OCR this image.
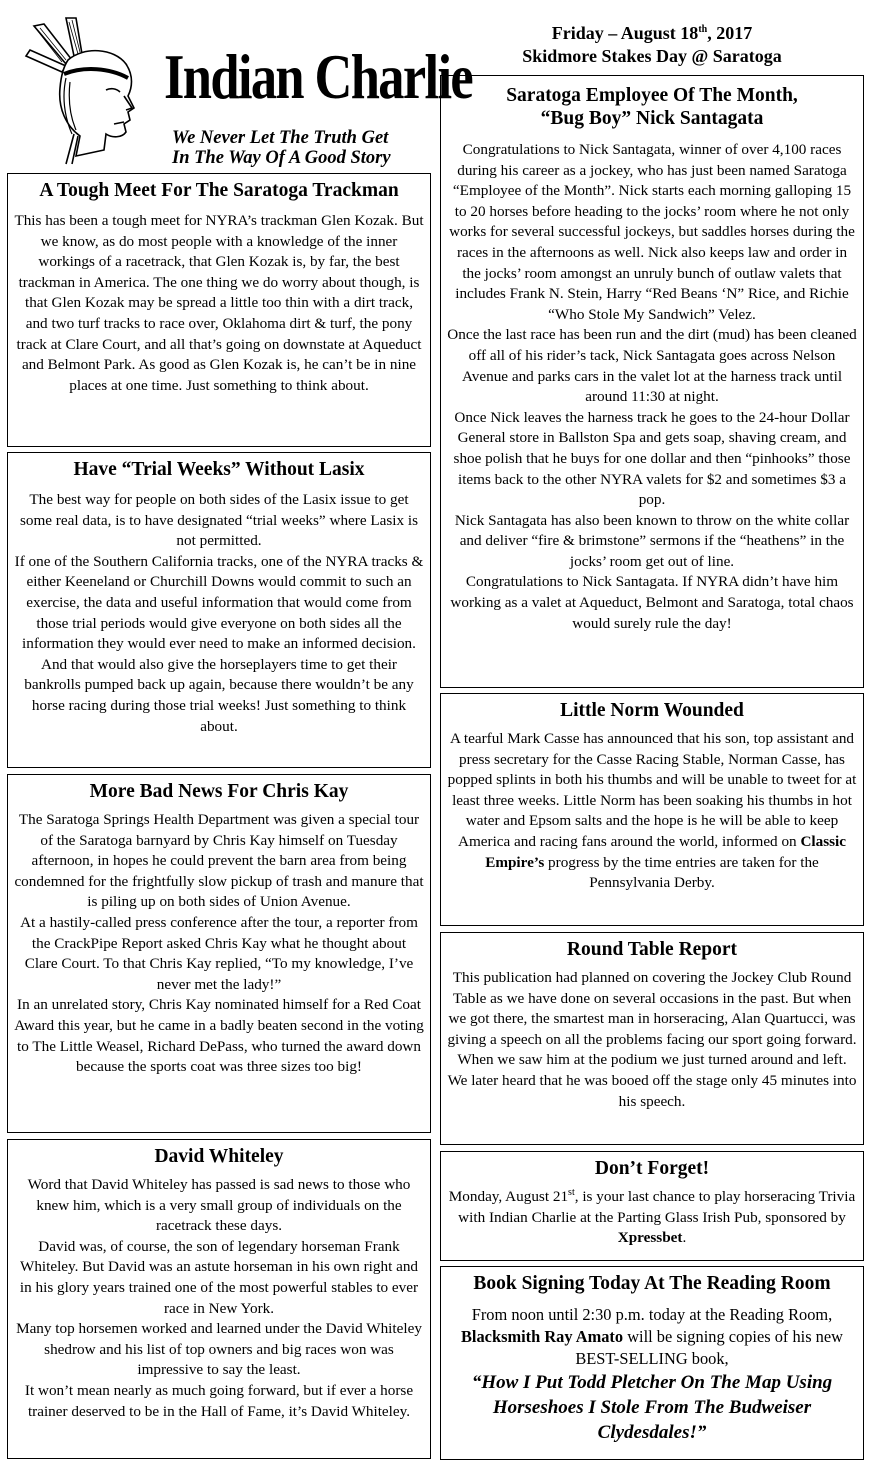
Indian Charlie
We Never Let The Truth Get
In The Way Of A Good Story
Friday – August 18th, 2017
Skidmore Stakes Day @ Saratoga
A Tough Meet For The Saratoga Trackman

This has been a tough meet for NYRA’s trackman Glen Kozak. But we know, as do most people with a knowledge of the inner workings of a racetrack, that Glen Kozak is, by far, the best trackman in America. The one thing we do worry about though, is that Glen Kozak may be spread a little too thin with a dirt track, and two turf tracks to race over, Oklahoma dirt & turf, the pony track at Clare Court, and all that’s going on downstate at Aqueduct and Belmont Park. As good as Glen Kozak is, he can’t be in nine places at one time. Just something to think about.

Have “Trial Weeks” Without Lasix

The best way for people on both sides of the Lasix issue to get some real data, is to have designated “trial weeks” where Lasix is not permitted.

If one of the Southern California tracks, one of the NYRA tracks & either Keeneland or Churchill Downs would commit to such an exercise, the data and useful information that would come from those trial periods would give everyone on both sides all the information they would ever need to make an informed decision. And that would also give the horseplayers time to get their bankrolls pumped back up again, because there wouldn’t be any horse racing during those trial weeks! Just something to think about.

More Bad News For Chris Kay

The Saratoga Springs Health Department was given a special tour of the Saratoga barnyard by Chris Kay himself on Tuesday afternoon, in hopes he could prevent the barn area from being condemned for the frightfully slow pickup of trash and manure that is piling up on both sides of Union Avenue.

At a hastily-called press conference after the tour, a reporter from the CrackPipe Report asked Chris Kay what he thought about Clare Court. To that Chris Kay replied, “To my knowledge, I’ve never met the lady!”

In an unrelated story, Chris Kay nominated himself for a Red Coat Award this year, but he came in a badly beaten second in the voting to The Little Weasel, Richard DePass, who turned the award down because the sports coat was three sizes too big!

David Whiteley

Word that David Whiteley has passed is sad news to those who knew him, which is a very small group of individuals on the racetrack these days.

David was, of course, the son of legendary horseman Frank Whiteley. But David was an astute horseman in his own right and in his glory years trained one of the most powerful stables to ever race in New York.

Many top horsemen worked and learned under the David Whiteley shedrow and his list of top owners and big races won was impressive to say the least.

It won’t mean nearly as much going forward, but if ever a horse trainer deserved to be in the Hall of Fame, it’s David Whiteley.

Saratoga Employee Of The Month,
“Bug Boy” Nick Santagata

Congratulations to Nick Santagata, winner of over 4,100 races during his career as a jockey, who has just been named Saratoga “Employee of the Month”. Nick starts each morning galloping 15 to 20 horses before heading to the jocks’ room where he not only works for several successful jockeys, but saddles horses during the races in the afternoons as well. Nick also keeps law and order in the jocks’ room amongst an unruly bunch of outlaw valets that includes Frank N. Stein, Harry “Red Beans ‘N” Rice, and Richie “Who Stole My Sandwich” Velez.

Once the last race has been run and the dirt (mud) has been cleaned off all of his rider’s tack, Nick Santagata goes across Nelson Avenue and parks cars in the valet lot at the harness track until around 11:30 at night.

Once Nick leaves the harness track he goes to the 24-hour Dollar General store in Ballston Spa and gets soap, shaving cream, and shoe polish that he buys for one dollar and then “pinhooks” those items back to the other NYRA valets for $2 and sometimes $3 a pop.

Nick Santagata has also been known to throw on the white collar and deliver “fire & brimstone” sermons if the “heathens” in the jocks’ room get out of line.

Congratulations to Nick Santagata. If NYRA didn’t have him working as a valet at Aqueduct, Belmont and Saratoga, total chaos would surely rule the day!

Little Norm Wounded

A tearful Mark Casse has announced that his son, top assistant and press secretary for the Casse Racing Stable, Norman Casse, has popped splints in both his thumbs and will be unable to tweet for at least three weeks. Little Norm has been soaking his thumbs in hot water and Epsom salts and the hope is he will be able to keep America and racing fans around the world, informed on Classic Empire’s progress by the time entries are taken for the Pennsylvania Derby.

Round Table Report

This publication had planned on covering the Jockey Club Round Table as we have done on several occasions in the past. But when we got there, the smartest man in horseracing, Alan Quartucci, was giving a speech on all the problems facing our sport going forward. When we saw him at the podium we just turned around and left. We later heard that he was booed off the stage only 45 minutes into his speech.

Don’t Forget!

Monday, August 21st, is your last chance to play horseracing Trivia with Indian Charlie at the Parting Glass Irish Pub, sponsored by Xpressbet.

Book Signing Today At The Reading Room

From noon until 2:30 p.m. today at the Reading Room, Blacksmith Ray Amato will be signing copies of his new BEST-SELLING book,

“How I Put Todd Pletcher On The Map Using Horseshoes I Stole From The Budweiser Clydesdales!”
